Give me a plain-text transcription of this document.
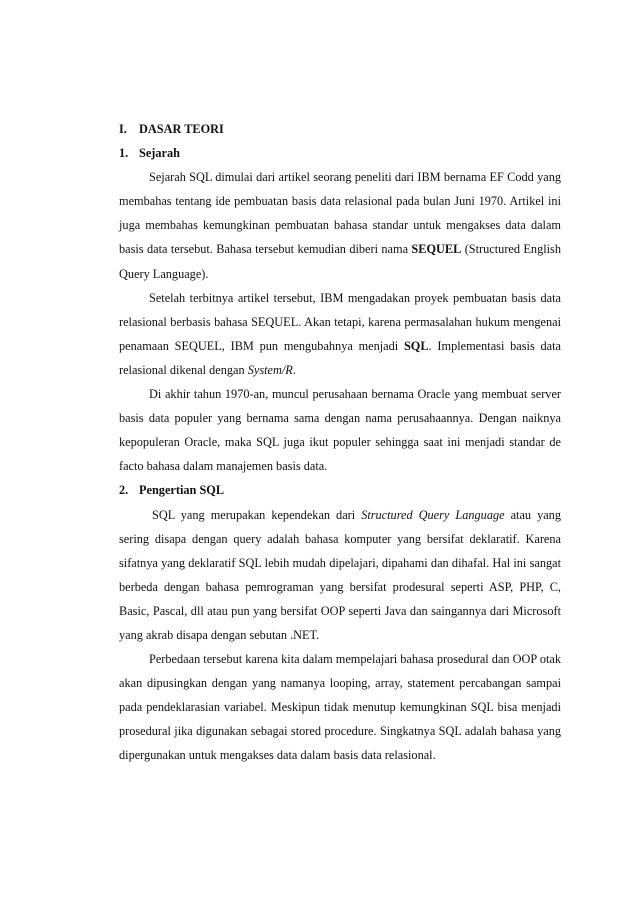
I. DASAR TEORI
1. Sejarah

Sejarah SQL dimulai dari artikel seorang peneliti dari IBM bernama EF Codd yang membahas tentang ide pembuatan basis data relasional pada bulan Juni 1970. Artikel ini juga membahas kemungkinan pembuatan bahasa standar untuk mengakses data dalam basis data tersebut. Bahasa tersebut kemudian diberi nama SEQUEL (Structured English Query Language).

Setelah terbitnya artikel tersebut, IBM mengadakan proyek pembuatan basis data relasional berbasis bahasa SEQUEL. Akan tetapi, karena permasalahan hukum mengenai penamaan SEQUEL, IBM pun mengubahnya menjadi SQL. Implementasi basis data relasional dikenal dengan System/R.

Di akhir tahun 1970-an, muncul perusahaan bernama Oracle yang membuat server basis data populer yang bernama sama dengan nama perusahaannya. Dengan naiknya kepopuleran Oracle, maka SQL juga ikut populer sehingga saat ini menjadi standar de facto bahasa dalam manajemen basis data.

2. Pengertian SQL

SQL yang merupakan kependekan dari Structured Query Language atau yang sering disapa dengan query adalah bahasa komputer yang bersifat deklaratif. Karena sifatnya yang deklaratif SQL lebih mudah dipelajari, dipahami dan dihafal. Hal ini sangat berbeda dengan bahasa pemrograman yang bersifat prodesural seperti ASP, PHP, C, Basic, Pascal, dll atau pun yang bersifat OOP seperti Java dan saingannya dari Microsoft yang akrab disapa dengan sebutan .NET.

Perbedaan tersebut karena kita dalam mempelajari bahasa prosedural dan OOP otak akan dipusingkan dengan yang namanya looping, array, statement percabangan sampai pada pendeklarasian variabel. Meskipun tidak menutup kemungkinan SQL bisa menjadi prosedural jika digunakan sebagai stored procedure. Singkatnya SQL adalah bahasa yang dipergunakan untuk mengakses data dalam basis data relasional.
